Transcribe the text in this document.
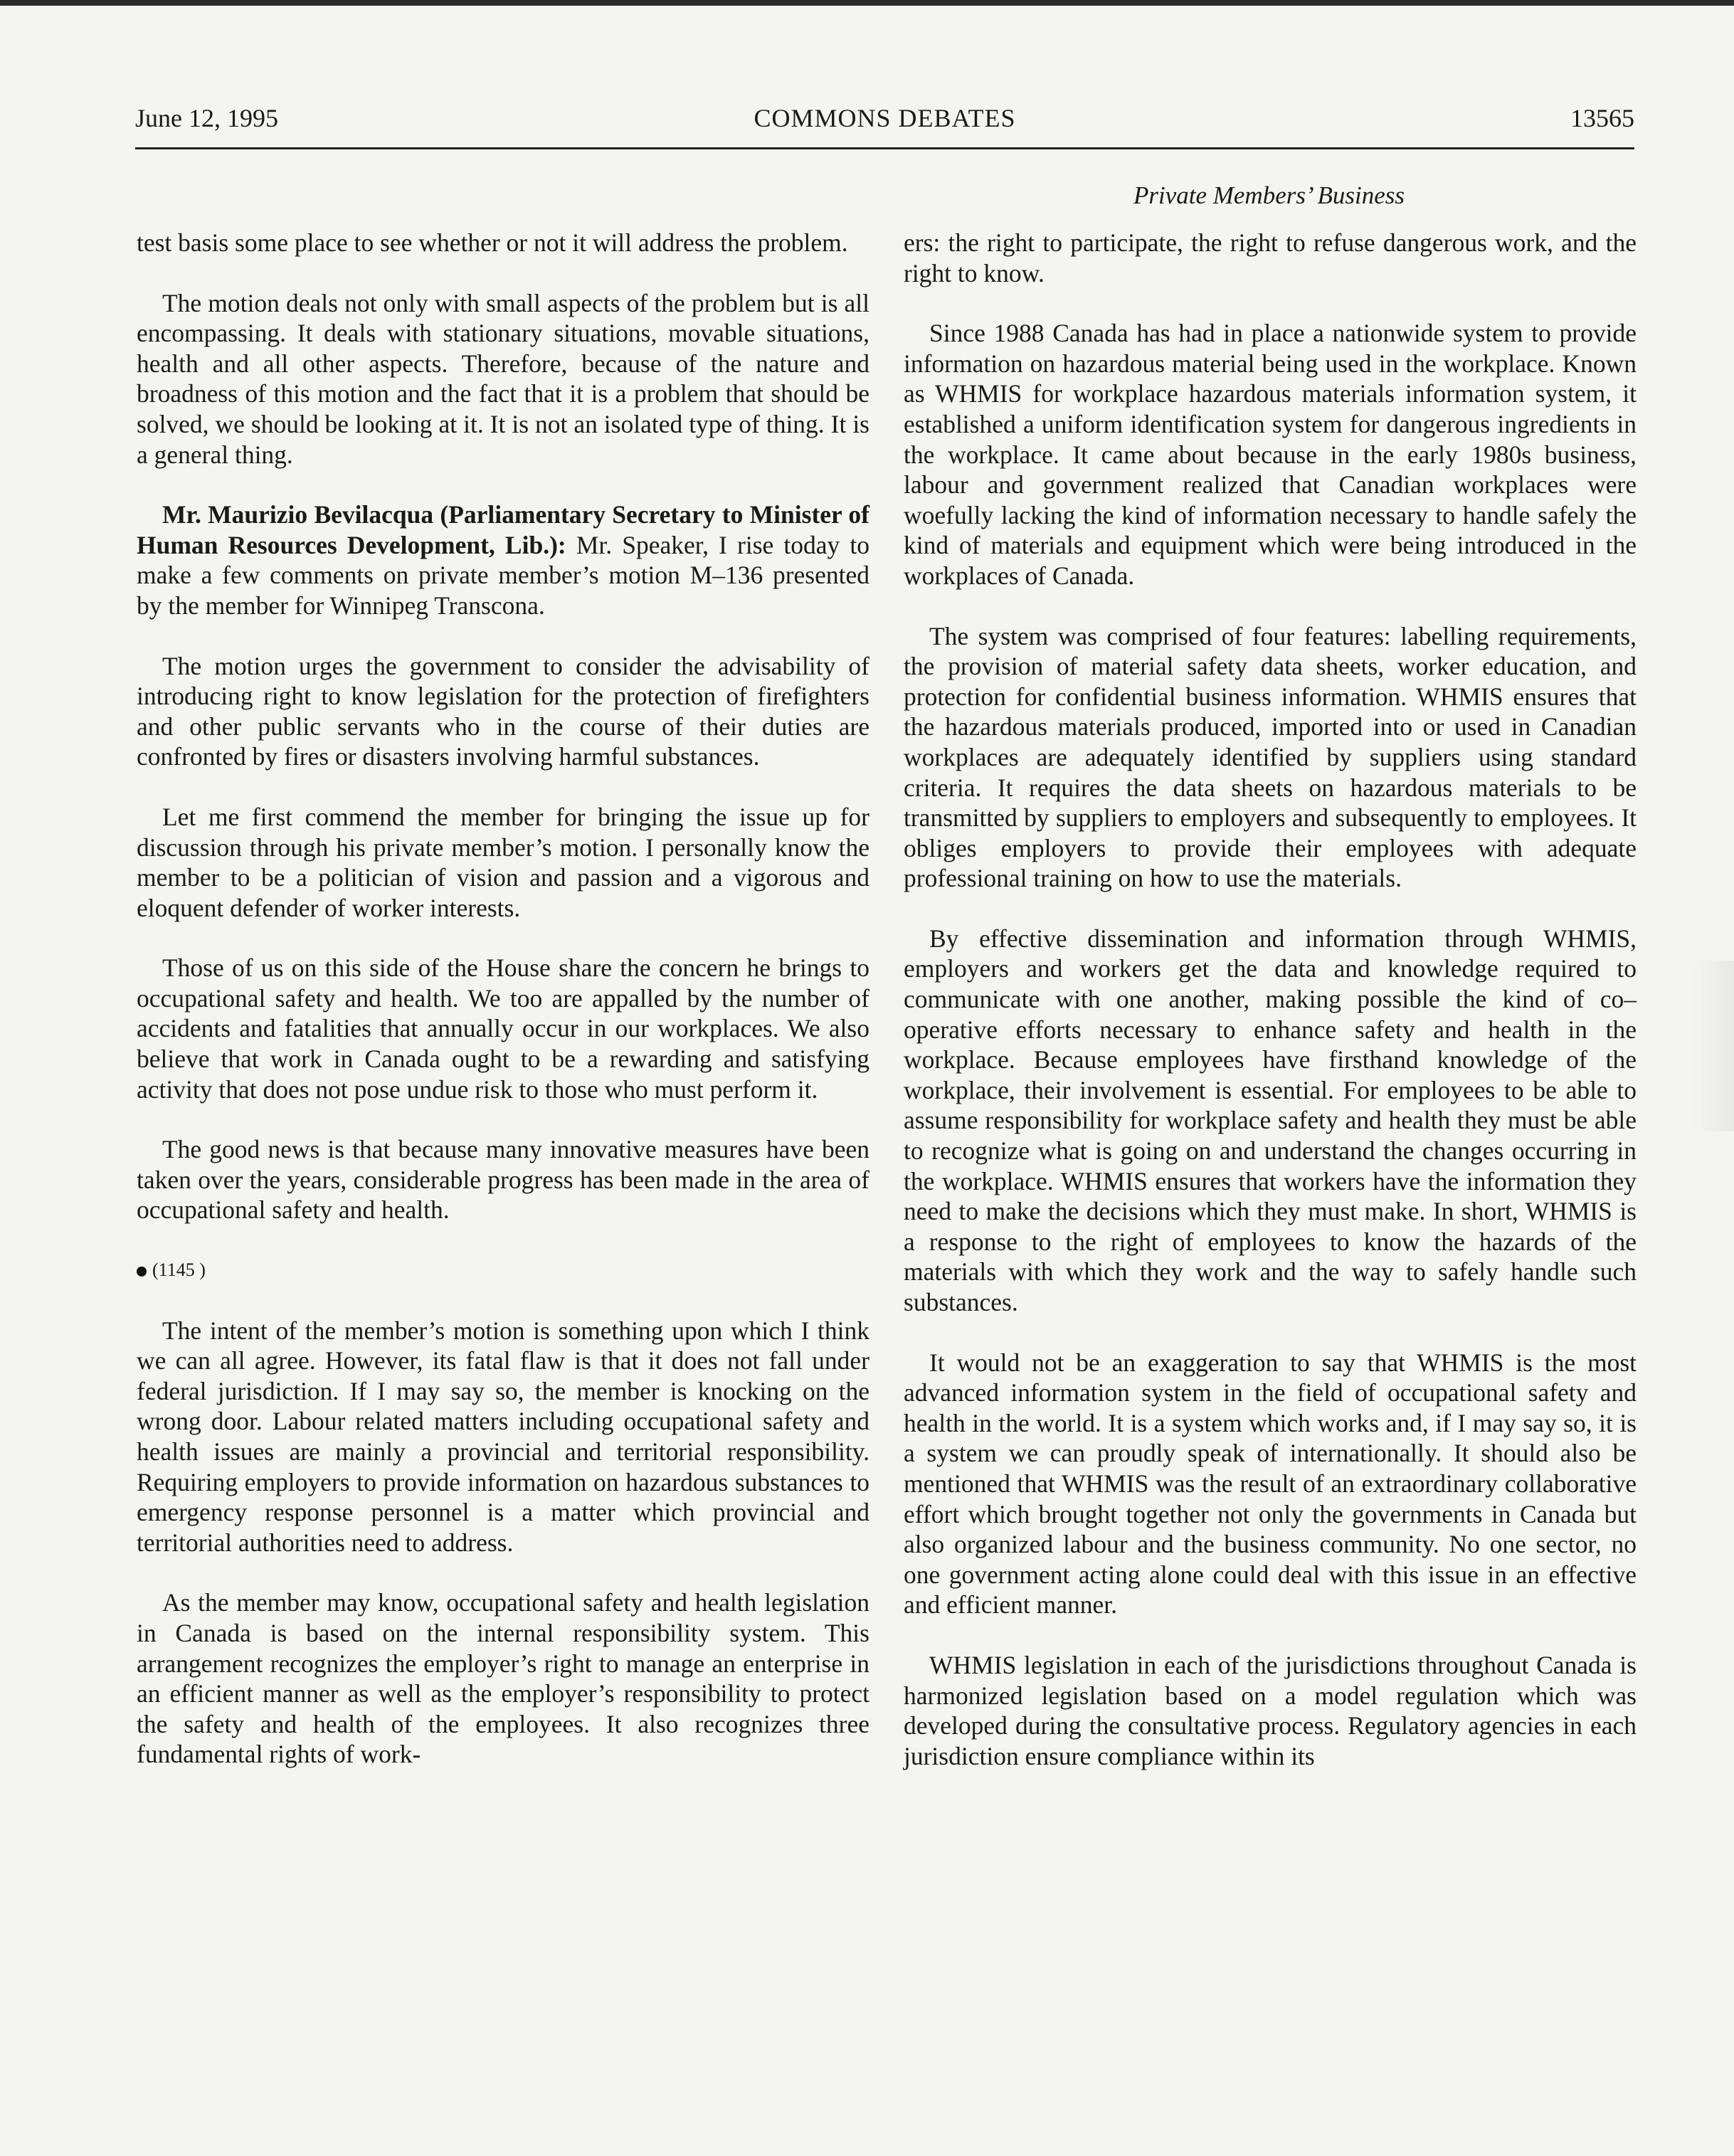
June 12, 1995	COMMONS DEBATES	13565
Private Members’ Business

test basis some place to see whether or not it will address the problem.

The motion deals not only with small aspects of the problem but is all encompassing. It deals with stationary situations, movable situations, health and all other aspects. Therefore, because of the nature and broadness of this motion and the fact that it is a problem that should be solved, we should be looking at it. It is not an isolated type of thing. It is a general thing.

Mr. Maurizio Bevilacqua (Parliamentary Secretary to Minister of Human Resources Development, Lib.): Mr. Speaker, I rise today to make a few comments on private member’s motion M–136 presented by the member for Winnipeg Transcona.

The motion urges the government to consider the advisability of introducing right to know legislation for the protection of firefighters and other public servants who in the course of their duties are confronted by fires or disasters involving harmful substances.

Let me first commend the member for bringing the issue up for discussion through his private member’s motion. I personally know the member to be a politician of vision and passion and a vigorous and eloquent defender of worker interests.

Those of us on this side of the House share the concern he brings to occupational safety and health. We too are appalled by the number of accidents and fatalities that annually occur in our workplaces. We also believe that work in Canada ought to be a rewarding and satisfying activity that does not pose undue risk to those who must perform it.

The good news is that because many innovative measures have been taken over the years, considerable progress has been made in the area of occupational safety and health.

(1145 )

The intent of the member’s motion is something upon which I think we can all agree. However, its fatal flaw is that it does not fall under federal jurisdiction. If I may say so, the member is knocking on the wrong door. Labour related matters including occupational safety and health issues are mainly a provincial and territorial responsibility. Requiring employers to provide information on hazardous substances to emergency response personnel is a matter which provincial and territorial authorities need to address.

As the member may know, occupational safety and health legislation in Canada is based on the internal responsibility system. This arrangement recognizes the employer’s right to manage an enterprise in an efficient manner as well as the employer’s responsibility to protect the safety and health of the employees. It also recognizes three fundamental rights of work-

ers: the right to participate, the right to refuse dangerous work, and the right to know.

Since 1988 Canada has had in place a nationwide system to provide information on hazardous material being used in the workplace. Known as WHMIS for workplace hazardous materials information system, it established a uniform identification system for dangerous ingredients in the workplace. It came about because in the early 1980s business, labour and government realized that Canadian workplaces were woefully lacking the kind of information necessary to handle safely the kind of materials and equipment which were being introduced in the workplaces of Canada.

The system was comprised of four features: labelling requirements, the provision of material safety data sheets, worker education, and protection for confidential business information. WHMIS ensures that the hazardous materials produced, imported into or used in Canadian workplaces are adequately identified by suppliers using standard criteria. It requires the data sheets on hazardous materials to be transmitted by suppliers to employers and subsequently to employees. It obliges employers to provide their employees with adequate professional training on how to use the materials.

By effective dissemination and information through WHMIS, employers and workers get the data and knowledge required to communicate with one another, making possible the kind of co–operative efforts necessary to enhance safety and health in the workplace. Because employees have firsthand knowledge of the workplace, their involvement is essential. For employees to be able to assume responsibility for workplace safety and health they must be able to recognize what is going on and understand the changes occurring in the workplace. WHMIS ensures that workers have the information they need to make the decisions which they must make. In short, WHMIS is a response to the right of employees to know the hazards of the materials with which they work and the way to safely handle such substances.

It would not be an exaggeration to say that WHMIS is the most advanced information system in the field of occupational safety and health in the world. It is a system which works and, if I may say so, it is a system we can proudly speak of internationally. It should also be mentioned that WHMIS was the result of an extraordinary collaborative effort which brought together not only the governments in Canada but also organized labour and the business community. No one sector, no one government acting alone could deal with this issue in an effective and efficient manner.

WHMIS legislation in each of the jurisdictions throughout Canada is harmonized legislation based on a model regulation which was developed during the consultative process. Regulatory agencies in each jurisdiction ensure compliance within its
